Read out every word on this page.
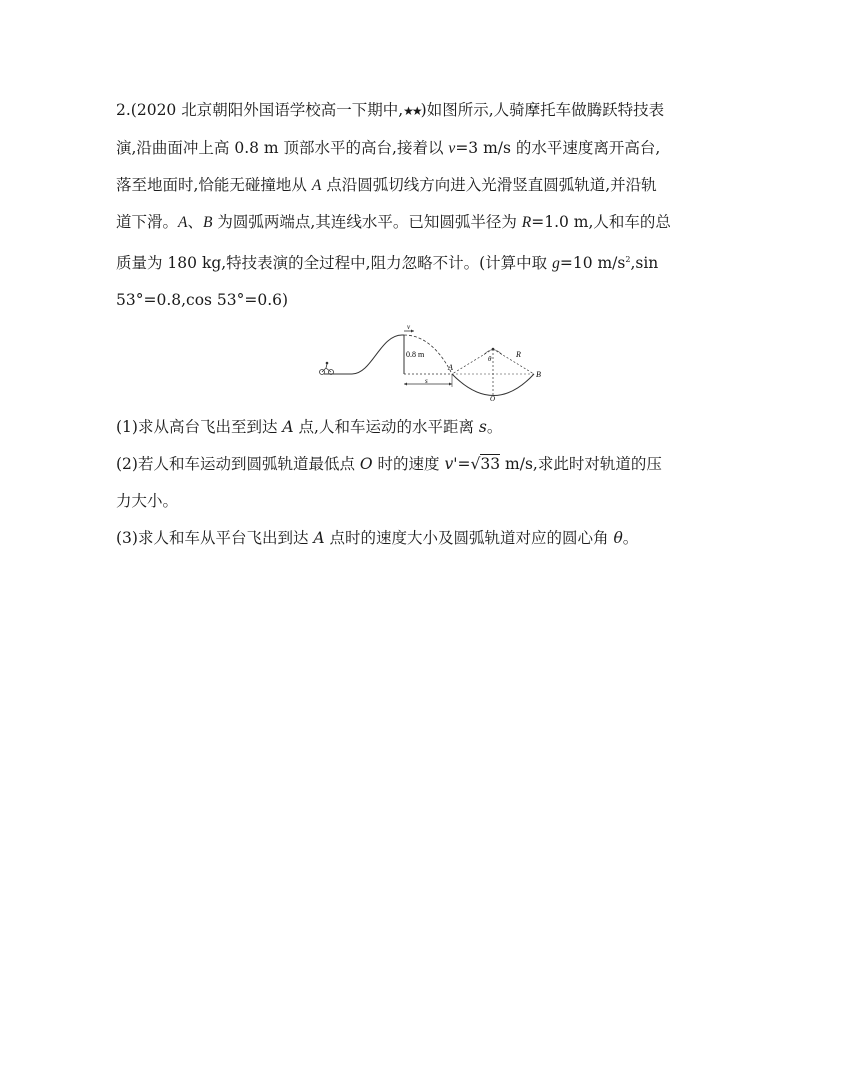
2.(2020 北京朝阳外国语学校高一下期中,★★)如图所示,人骑摩托车做腾跃特技表
演,沿曲面冲上高 0.8 m 顶部水平的高台,接着以 v=3 m/s 的水平速度离开高台,
落至地面时,恰能无碰撞地从 A 点沿圆弧切线方向进入光滑竖直圆弧轨道,并沿轨
道下滑。A、B 为圆弧两端点,其连线水平。已知圆弧半径为 R=1.0 m,人和车的总
质量为 180 kg,特技表演的全过程中,阻力忽略不计。(计算中取 g=10 $m/s^2,\sin$
53°=0.8,cos 53°=0.6)

v
0.8 m
s
A
θ	R
B
O

(1)求从高台飞出至到达 A 点,人和车运动的水平距离 s。

(2)若人和车运动到圆弧轨道最低点 O 时的速度 v'=√33 m/s,求此时对轨道的压
力大小。

(3)求人和车从平台飞出到达 A 点时的速度大小及圆弧轨道对应的圆心角 θ。
